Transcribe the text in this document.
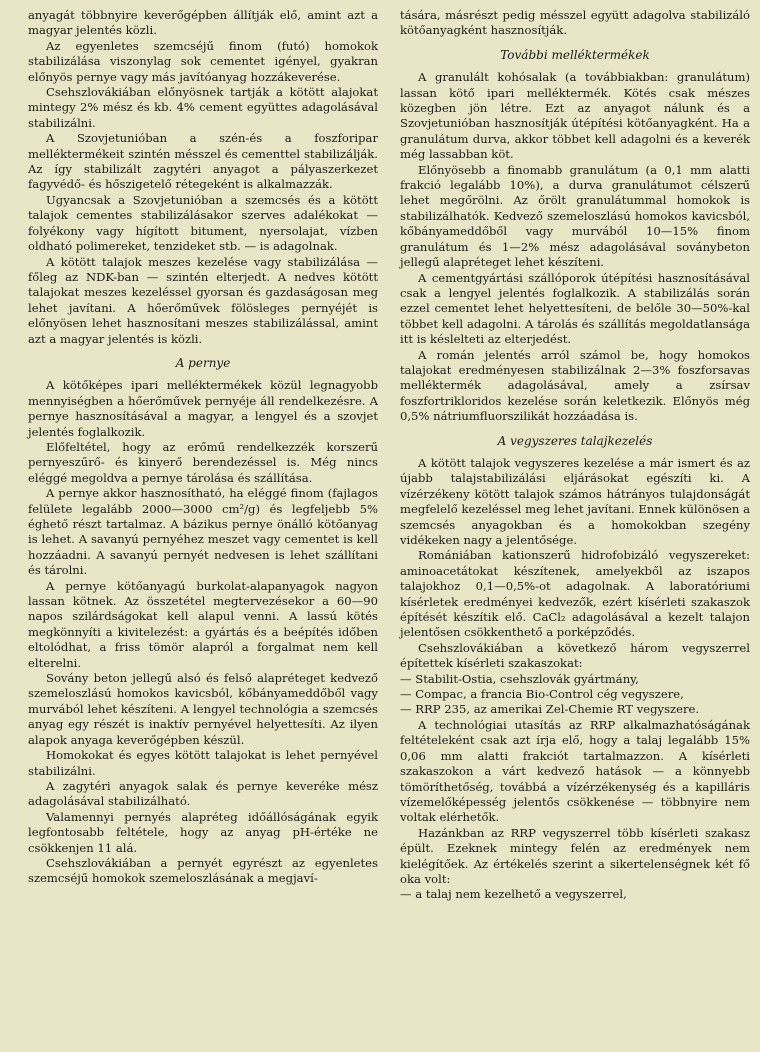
anyagát többnyire keverőgépben állítják elő, amint azt a magyar jelentés közli.

Az egyenletes szemcséjű finom (futó) homokok stabilizálása viszonylag sok cementet igényel, gyakran előnyös pernye vagy más javítóanyag hozzákeverése.

Csehszlovákiában előnyösnek tartják a kötött alajokat mintegy 2% mész és kb. 4% cement együttes adagolásával stabilizálni.

A Szovjetunióban a szén-és a foszforipar melléktermékeit szintén mésszel és cementtel stabilizálják. Az így stabilizált zagytéri anyagot a pályaszerkezet fagyvédő- és hőszigetelő rétegeként is alkalmazzák.

Ugyancsak a Szovjetunióban a szemcsés és a kötött talajok cementes stabilizálásakor szerves adalékokat — folyékony vagy hígított bitument, nyersolajat, vízben oldható polimereket, tenzideket stb. — is adagolnak.

A kötött talajok meszes kezelése vagy stabilizálása — főleg az NDK-ban — szintén elterjedt. A nedves kötött talajokat meszes kezeléssel gyorsan és gazdaságosan meg lehet javítani. A hőerőművek fölösleges pernyéjét is előnyösen lehet hasznosítani meszes stabilizálással, amint azt a magyar jelentés is közli.

A pernye

A kötőképes ipari melléktermékek közül legnagyobb mennyiségben a hőerőművek pernyéje áll rendelkezésre. A pernye hasznosításával a magyar, a lengyel és a szovjet jelentés foglalkozik.

Előfeltétel, hogy az erőmű rendelkezzék korszerű pernyeszűrő- és kinyerő berendezéssel is. Még nincs eléggé megoldva a pernye tárolása és szállítása.

A pernye akkor hasznosítható, ha eléggé finom (fajlagos felülete legalább 2000—3000 cm²/g) és legfeljebb 5% éghető részt tartalmaz. A bázikus pernye önálló kötőanyag is lehet. A savanyú pernyéhez meszet vagy cementet is kell hozzáadni. A savanyú pernyét nedvesen is lehet szállítani és tárolni.

A pernye kötőanyagú burkolat-alapanyagok nagyon lassan kötnek. Az összetétel megtervezésekor a 60—90 napos szilárdságokat kell alapul venni. A lassú kötés megkönnyíti a kivitelezést: a gyártás és a beépítés időben eltolódhat, a friss tömör alapról a forgalmat nem kell elterelni.

Sovány beton jellegű alsó és felső alapréteget kedvező szemeloszlású homokos kavicsból, kőbányameddőből vagy murvából lehet készíteni. A lengyel technológia a szemcsés anyag egy részét is inaktív pernyével helyettesíti. Az ilyen alapok anyaga keverőgépben készül.

Homokokat és egyes kötött talajokat is lehet pernyével stabilizálni.

A zagytéri anyagok salak és pernye keveréke mész adagolásával stabilizálható.

Valamennyi pernyés alapréteg időállóságának egyik legfontosabb feltétele, hogy az anyag pH-értéke ne csökkenjen 11 alá.

Csehszlovákiában a pernyét egyrészt az egyenletes szemcséjű homokok szemeloszlásának a megjaví-

tására, másrészt pedig mésszel együtt adagolva stabilizáló kötőanyagként hasznosítják.

További melléktermékek

A granulált kohósalak (a továbbiakban: granulátum) lassan kötő ipari melléktermék. Kötés csak mészes közegben jön létre. Ezt az anyagot nálunk és a Szovjetunióban hasznosítják útépítési kötőanyagként. Ha a granulátum durva, akkor többet kell adagolni és a keverék még lassabban köt.

Előnyösebb a finomabb granulátum (a 0,1 mm alatti frakció legalább 10%), a durva granulátumot célszerű lehet megőrölni. Az őrölt granulátummal homokok is stabilizálhatók. Kedvező szemeloszlású homokos kavicsból, kőbányameddőből vagy murvából 10—15% finom granulátum és 1—2% mész adagolásával soványbeton jellegű alapréteget lehet készíteni.

A cementgyártási szállóporok útépítési hasznosításával csak a lengyel jelentés foglalkozik. A stabilizálás során ezzel cementet lehet helyettesíteni, de belőle 30—50%-kal többet kell adagolni. A tárolás és szállítás megoldatlansága itt is késlelteti az elterjedést.

A román jelentés arról számol be, hogy homokos talajokat eredményesen stabilizálnak 2—3% foszforsavas melléktermék adagolásával, amely a zsírsav foszfortrikloridos kezelése során keletkezik. Előnyös még 0,5% nátriumfluorszilikát hozzáadása is.

A vegyszeres talajkezelés

A kötött talajok vegyszeres kezelése a már ismert és az újabb talajstabilizálási eljárásokat egészíti ki. A vízérzékeny kötött talajok számos hátrányos tulajdonságát megfelelő kezeléssel meg lehet javítani. Ennek különösen a szemcsés anyagokban és a homokokban szegény vidékeken nagy a jelentősége.

Romániában kationszerű hidrofobizáló vegyszereket: aminoacetátokat készítenek, amelyekből az iszapos talajokhoz 0,1—0,5%-ot adagolnak. A laboratóriumi kísérletek eredményei kedvezők, ezért kísérleti szakaszok építését készítik elő. CaCl₂ adagolásával a kezelt talajon jelentősen csökkenthető a porképződés.

Csehszlovákiában a következő három vegyszerrel építettek kísérleti szakaszokat:

— Stabilit-Ostia, csehszlovák gyártmány,

— Compac, a francia Bio-Control cég vegyszere,

— RRP 235, az amerikai Zel-Chemie RT vegyszere.

A technológiai utasítás az RRP alkalmazhatóságának feltételeként csak azt írja elő, hogy a talaj legalább 15% 0,06 mm alatti frakciót tartalmazzon. A kísérleti szakaszokon a várt kedvező hatások — a könnyebb tömöríthetőség, továbbá a vízérzékenység és a kapilláris vízemelőképesség jelentős csökkenése — többnyire nem voltak elérhetők.

Hazánkban az RRP vegyszerrel több kísérleti szakasz épült. Ezeknek mintegy felén az eredmények nem kielégítőek. Az értékelés szerint a sikertelenségnek két fő oka volt:

— a talaj nem kezelhető a vegyszerrel,
